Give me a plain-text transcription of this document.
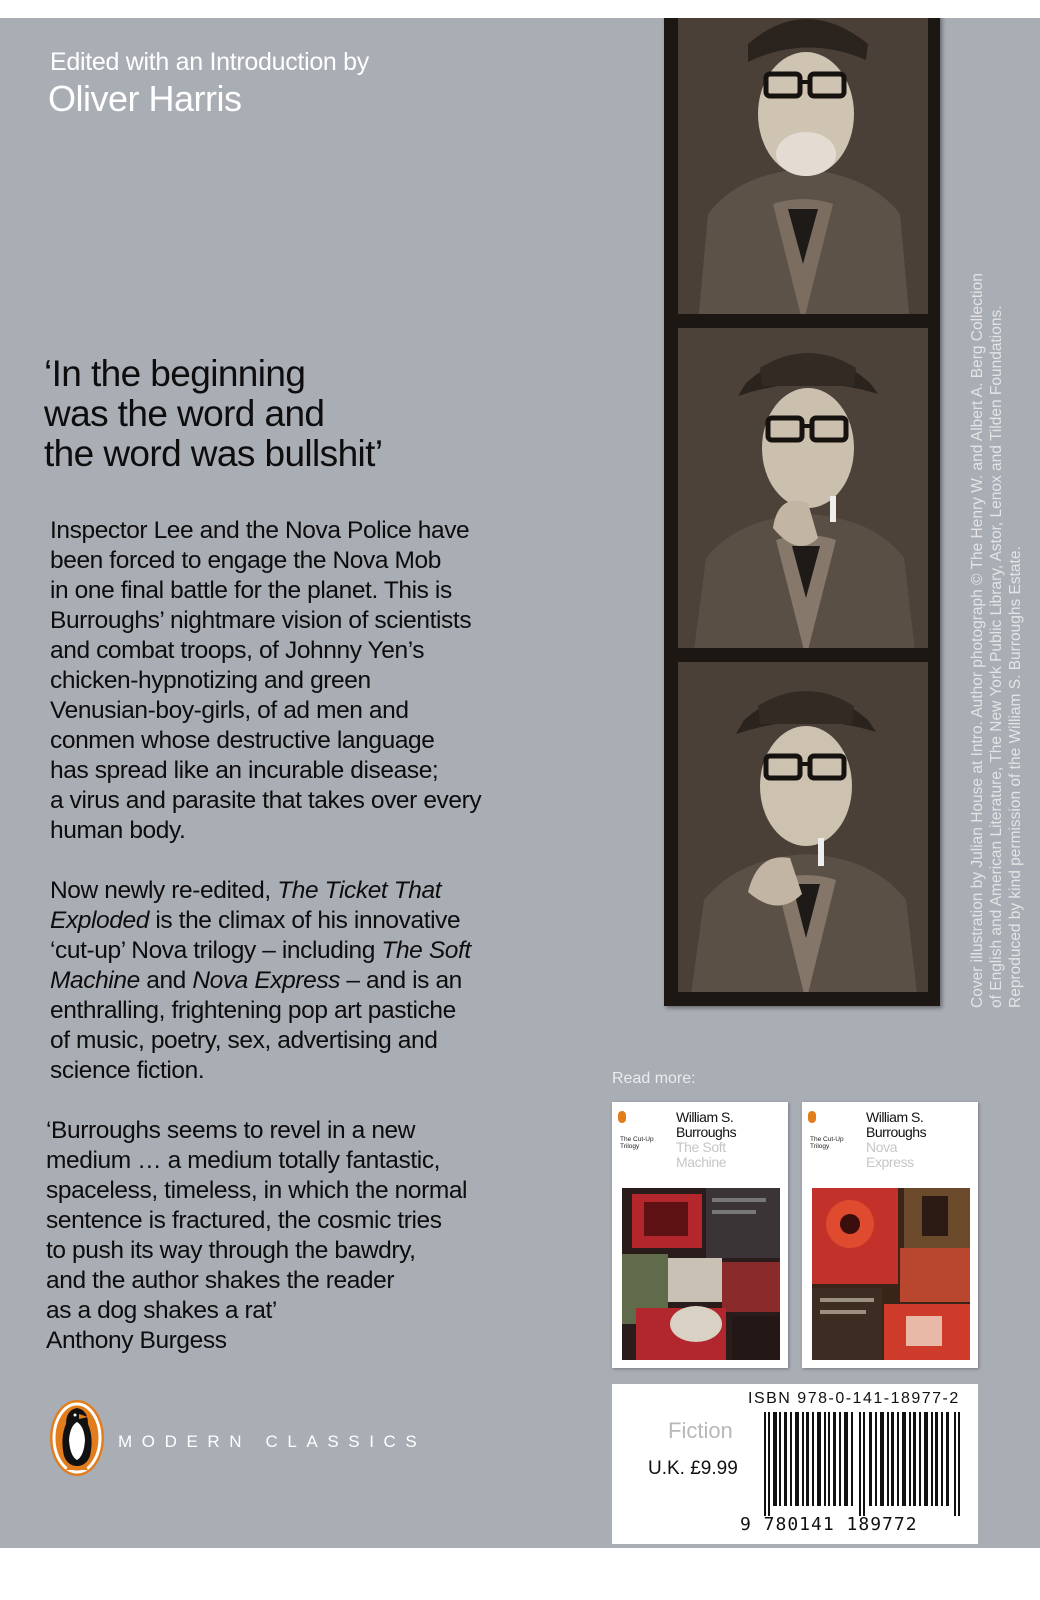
Edited with an Introduction by
Oliver Harris
‘In the beginning
was the word and
the word was bullshit’

Inspector Lee and the Nova Police have
been forced to engage the Nova Mob
in one final battle for the planet. This is
Burroughs’ nightmare vision of scientists
and combat troops, of Johnny Yen’s
chicken-hypnotizing and green
Venusian-boy-girls, of ad men and
conmen whose destructive language
has spread like an incurable disease;
a virus and parasite that takes over every
human body.

Now newly re-edited, The Ticket That
Exploded is the climax of his innovative
‘cut-up’ Nova trilogy – including The Soft
Machine and Nova Express – and is an
enthralling, frightening pop art pastiche
of music, poetry, sex, advertising and
science fiction.

‘Burroughs seems to revel in a new
medium … a medium totally fantastic,
spaceless, timeless, in which the normal
sentence is fractured, the cosmic tries
to push its way through the bawdry,
and the author shakes the reader
as a dog shakes a rat’
Anthony Burgess

Cover illustration by Julian House at Intro. Author photograph © The Henry W. and Albert A. Berg Collection of English and American Literature, The New York Public Library, Astor, Lenox and Tilden Foundations. Reproduced by kind permission of the William S. Burroughs Estate.
Read more:
The Cut-Up Trilogy
William S.
Burroughs
The Soft
Machine
The Cut-Up Trilogy
William S.
Burroughs
Nova
Express
ISBN 978-0-141-18977-2
Fiction
U.K. £9.99
9 780141 189772
MODERN CLASSICS
